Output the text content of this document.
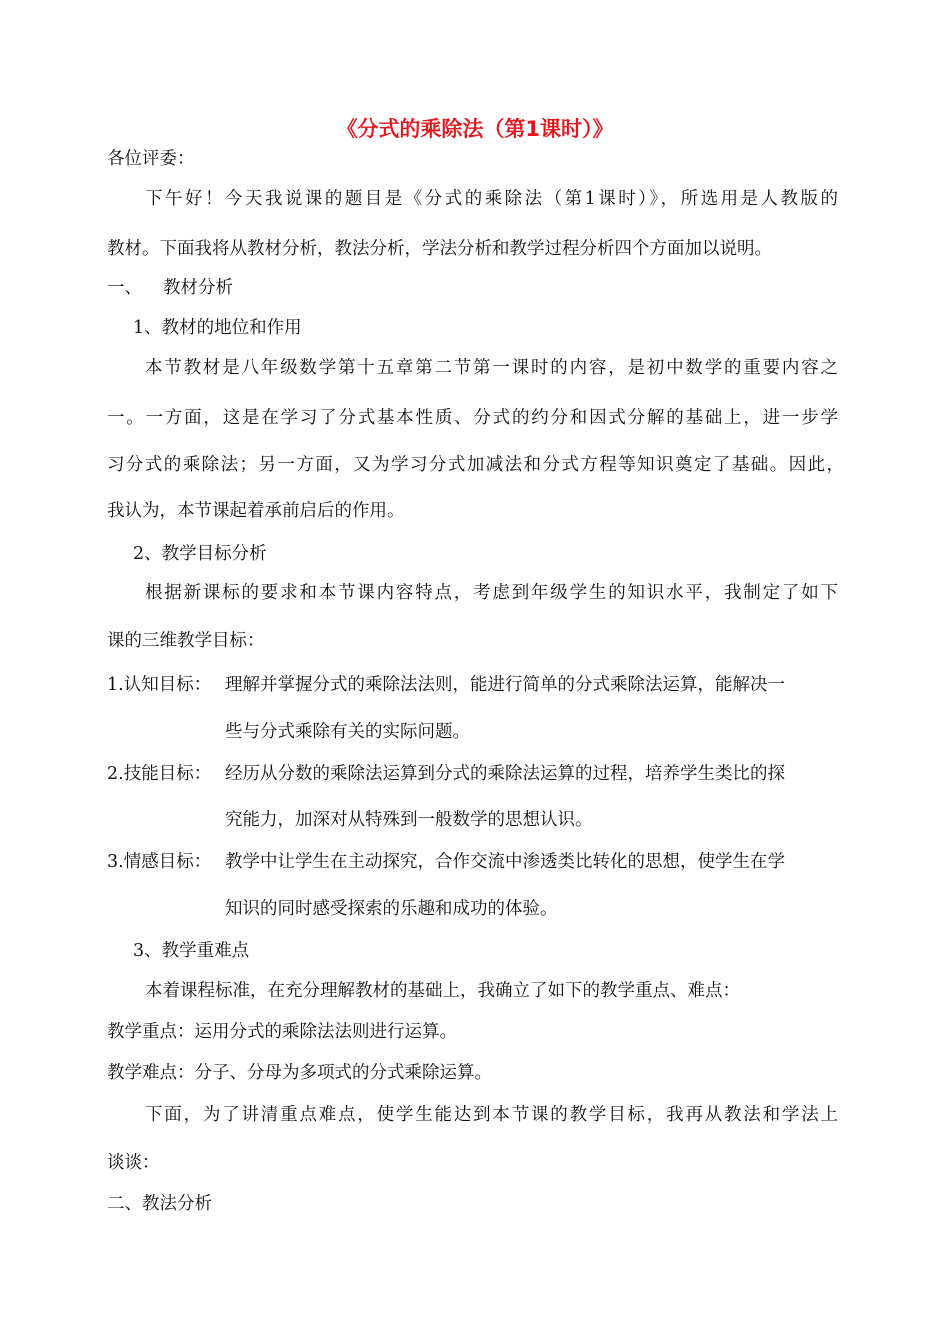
《分式的乘除法（第1课时）》
各位评委：
下午好！今天我说课的题目是《分式的乘除法（第1课时）》，所选用是人教版的
教材。下面我将从教材分析，教法分析，学法分析和教学过程分析四个方面加以说明。
一、 教材分析
1、教材的地位和作用
本节教材是八年级数学第十五章第二节第一课时的内容，是初中数学的重要内容之
一。一方面，这是在学习了分式基本性质、分式的约分和因式分解的基础上，进一步学
习分式的乘除法；另一方面，又为学习分式加减法和分式方程等知识奠定了基础。因此，
我认为，本节课起着承前启后的作用。
2、教学目标分析
根据新课标的要求和本节课内容特点，考虑到年级学生的知识水平，我制定了如下
课的三维教学目标：
1.认知目标： 理解并掌握分式的乘除法法则，能进行简单的分式乘除法运算，能解决一
些与分式乘除有关的实际问题。
2.技能目标： 经历从分数的乘除法运算到分式的乘除法运算的过程，培养学生类比的探
究能力，加深对从特殊到一般数学的思想认识。
3.情感目标： 教学中让学生在主动探究，合作交流中渗透类比转化的思想，使学生在学
知识的同时感受探索的乐趣和成功的体验。
3、教学重难点
本着课程标准，在充分理解教材的基础上，我确立了如下的教学重点、难点：
教学重点：运用分式的乘除法法则进行运算。
教学难点：分子、分母为多项式的分式乘除运算。
下面，为了讲清重点难点，使学生能达到本节课的教学目标，我再从教法和学法上
谈谈：
二、教法分析
